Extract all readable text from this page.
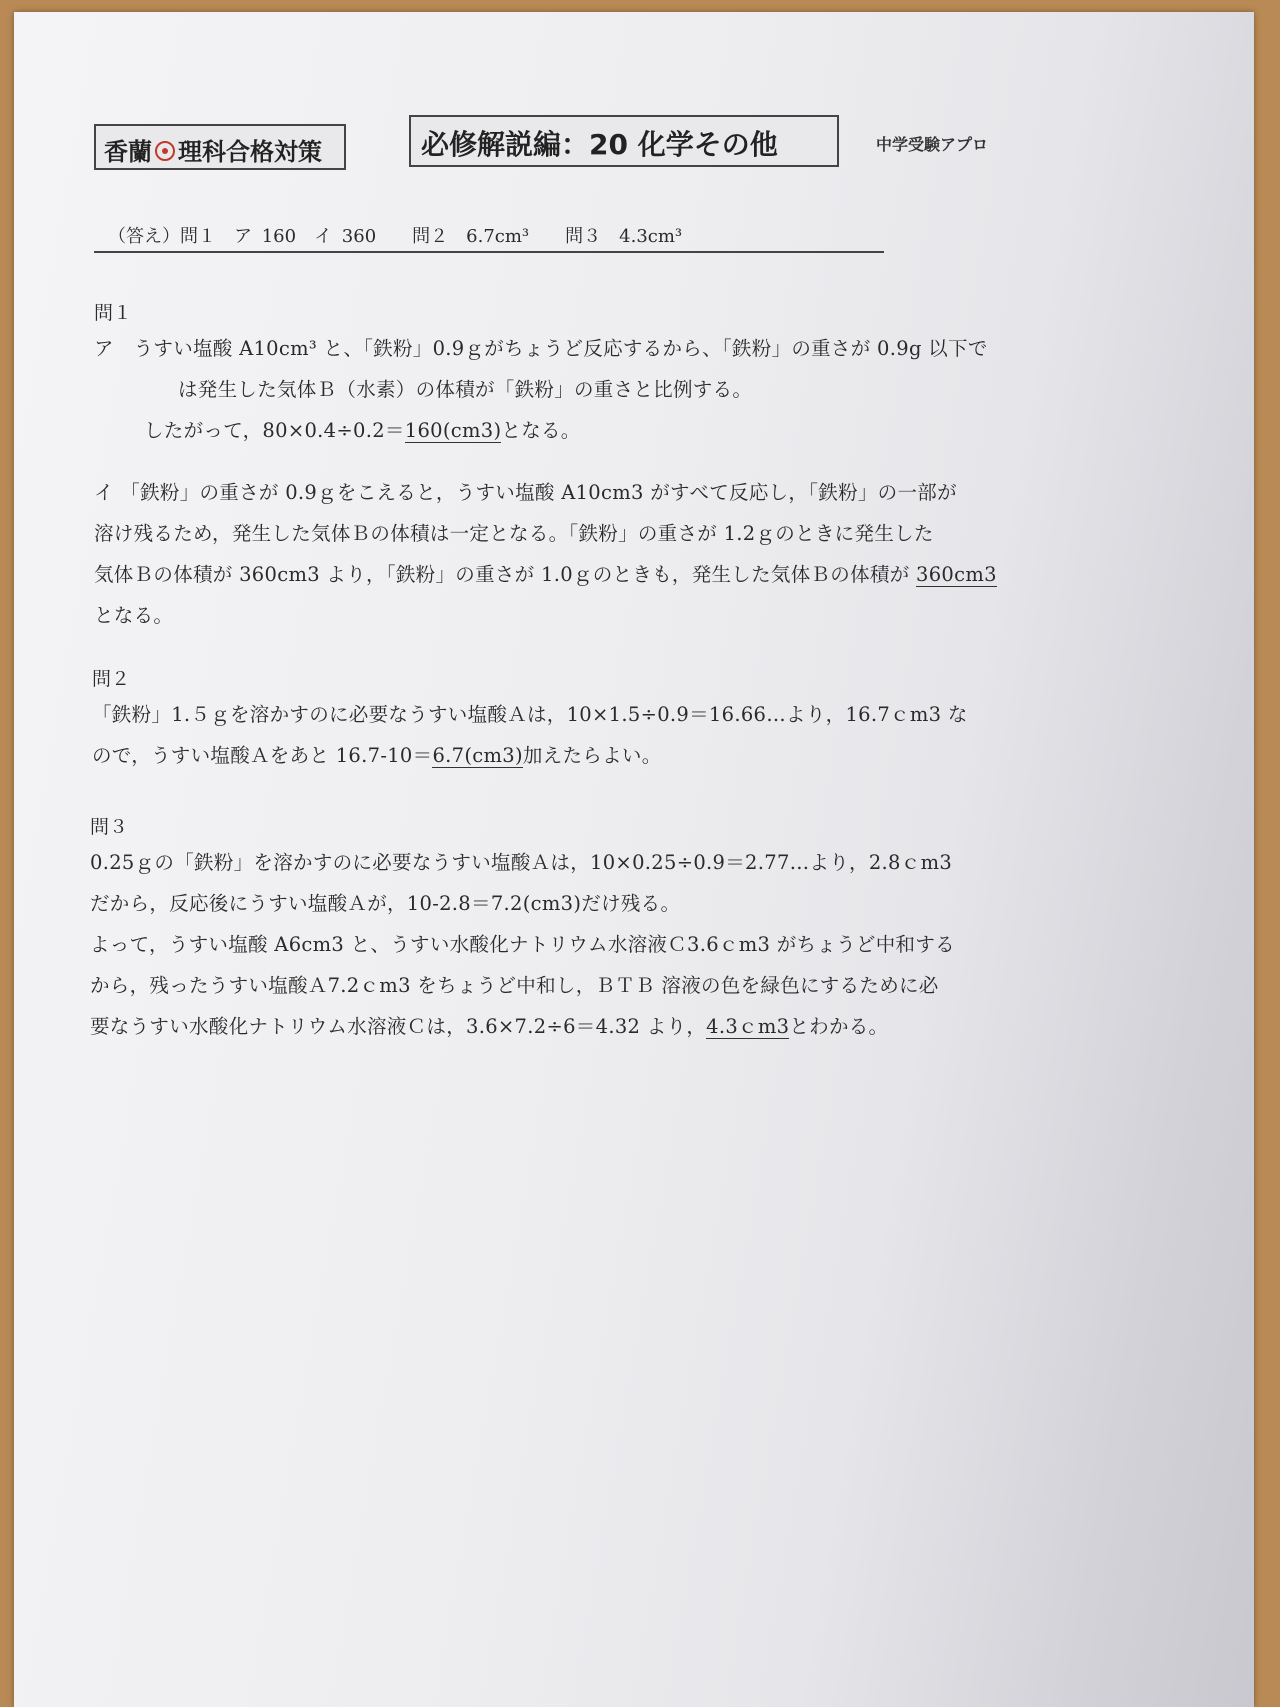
香蘭 理科合格対策	必修解説編：20 化学その他	中学受験アプロ
（答え）問１　ア 160　イ 360 問２　6.7cm³ 問３　4.3cm³
問１
ア　うすい塩酸 A10cm³ と、「鉄粉」0.9ｇがちょうど反応するから、「鉄粉」の重さが 0.9g 以下で
は発生した気体Ｂ（水素）の体積が「鉄粉」の重さと比例する。
したがって，80×0.4÷0.2＝160(cm3)となる。
イ 「鉄粉」の重さが 0.9ｇをこえると，うすい塩酸 A10cm3 がすべて反応し，「鉄粉」の一部が
溶け残るため，発生した気体Ｂの体積は一定となる。「鉄粉」の重さが 1.2ｇのときに発生した
気体Ｂの体積が 360cm3 より，「鉄粉」の重さが 1.0ｇのときも，発生した気体Ｂの体積が 360cm3
となる。
問２
「鉄粉」1.５ｇを溶かすのに必要なうすい塩酸Ａは，10×1.5÷0.9＝16.66…より，16.7ｃm3 な
ので，うすい塩酸Ａをあと 16.7-10＝6.7(cm3)加えたらよい。
問３
0.25ｇの「鉄粉」を溶かすのに必要なうすい塩酸Ａは，10×0.25÷0.9＝2.77…より，2.8ｃm3
だから，反応後にうすい塩酸Ａが，10-2.8＝7.2(cm3)だけ残る。
よって，うすい塩酸 A6cm3 と、うすい水酸化ナトリウム水溶液Ｃ3.6ｃm3 がちょうど中和する
から，残ったうすい塩酸Ａ7.2ｃm3 をちょうど中和し，ＢＴＢ 溶液の色を緑色にするために必
要なうすい水酸化ナトリウム水溶液Ｃは，3.6×7.2÷6＝4.32 より，4.3ｃm3とわかる。
